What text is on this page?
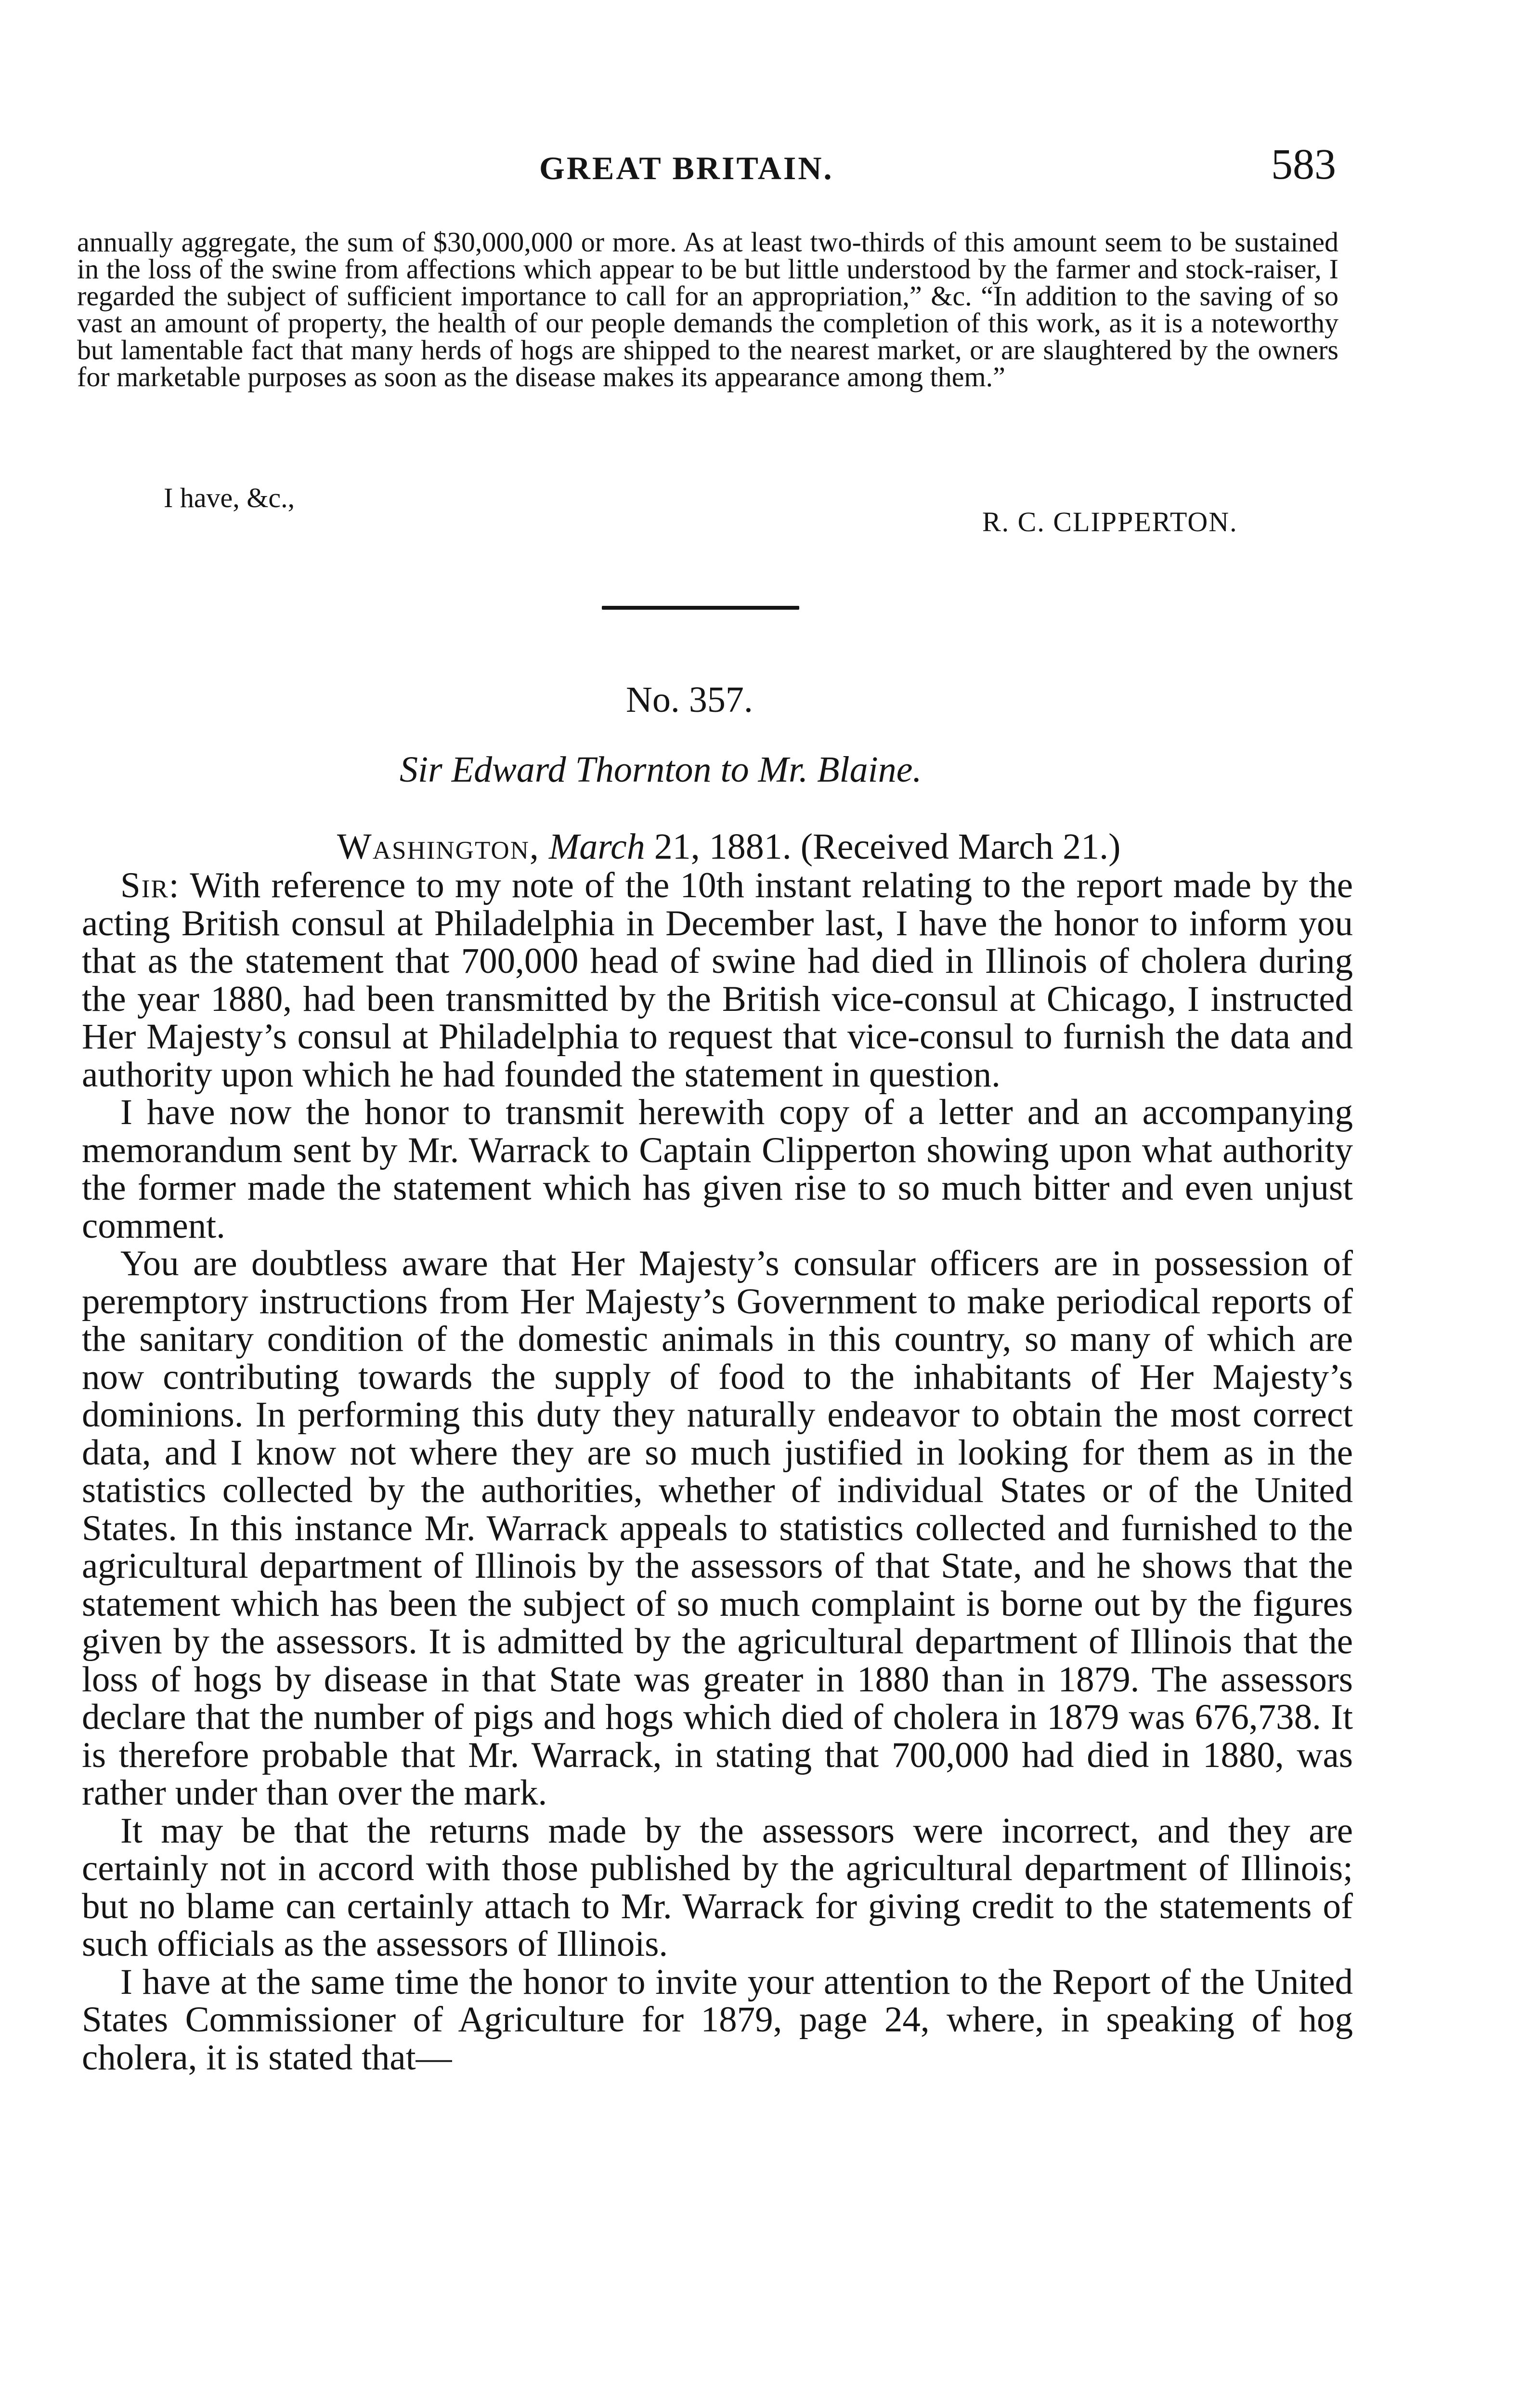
GREAT BRITAIN.	583

annually aggregate, the sum of $30,000,000 or more. As at least two-thirds of this amount seem to be sustained in the loss of the swine from affections which appear to be but little understood by the farmer and stock-raiser, I regarded the subject of sufficient importance to call for an appropriation,” &c. “In addition to the saving of so vast an amount of property, the health of our people demands the completion of this work, as it is a noteworthy but lamentable fact that many herds of hogs are shipped to the nearest market, or are slaughtered by the owners for marketable purposes as soon as the disease makes its appearance among them.”

I have, &c.,
R. C. CLIPPERTON.
No. 357.
Sir Edward Thornton to Mr. Blaine.
Washington, March 21, 1881. (Received March 21.)

Sir: With reference to my note of the 10th instant relating to the report made by the acting British consul at Philadelphia in December last, I have the honor to inform you that as the statement that 700,000 head of swine had died in Illinois of cholera during the year 1880, had been transmitted by the British vice-consul at Chicago, I instructed Her Majesty’s consul at Philadelphia to request that vice-consul to furnish the data and authority upon which he had founded the statement in question.

I have now the honor to transmit herewith copy of a letter and an accompanying memorandum sent by Mr. Warrack to Captain Clipperton showing upon what authority the former made the statement which has given rise to so much bitter and even unjust comment.

You are doubtless aware that Her Majesty’s consular officers are in possession of peremptory instructions from Her Majesty’s Government to make periodical reports of the sanitary condition of the domestic animals in this country, so many of which are now contributing towards the supply of food to the inhabitants of Her Majesty’s dominions. In performing this duty they naturally endeavor to obtain the most correct data, and I know not where they are so much justified in looking for them as in the statistics collected by the authorities, whether of individual States or of the United States. In this instance Mr. Warrack appeals to statistics collected and furnished to the agricultural department of Illinois by the assessors of that State, and he shows that the statement which has been the subject of so much complaint is borne out by the figures given by the assessors. It is admitted by the agricultural department of Illinois that the loss of hogs by disease in that State was greater in 1880 than in 1879. The assessors declare that the number of pigs and hogs which died of cholera in 1879 was 676,738. It is therefore probable that Mr. Warrack, in stating that 700,000 had died in 1880, was rather under than over the mark.

It may be that the returns made by the assessors were incorrect, and they are certainly not in accord with those published by the agricultural department of Illinois; but no blame can certainly attach to Mr. Warrack for giving credit to the statements of such officials as the assessors of Illinois.

I have at the same time the honor to invite your attention to the Report of the United States Commissioner of Agriculture for 1879, page 24, where, in speaking of hog cholera, it is stated that—
